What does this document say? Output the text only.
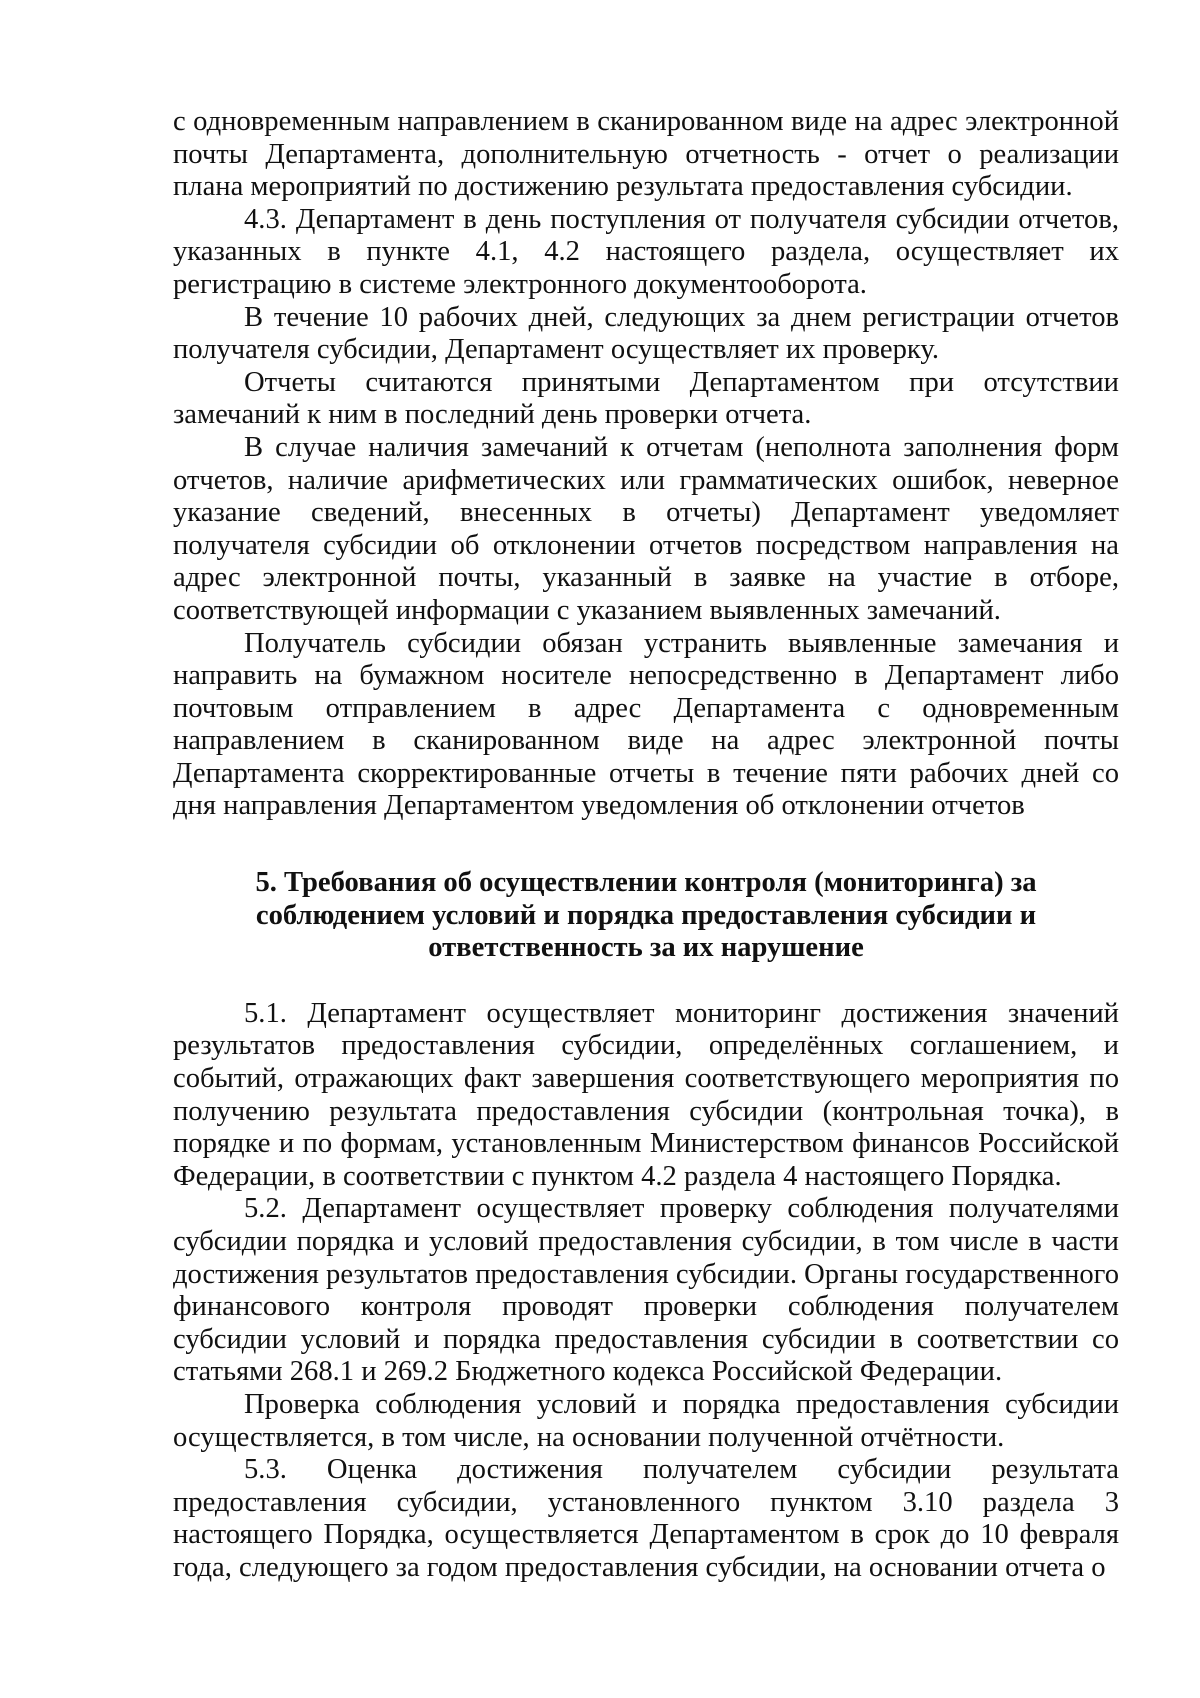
с одновременным направлением в сканированном виде на адрес электронной почты Департамента, дополнительную отчетность - отчет о реализации плана мероприятий по достижению результата предоставления субсидии.

4.3. Департамент в день поступления от получателя субсидии отчетов, указанных в пункте 4.1, 4.2 настоящего раздела, осуществляет их регистрацию в системе электронного документооборота.

В течение 10 рабочих дней, следующих за днем регистрации отчетов получателя субсидии, Департамент осуществляет их проверку.

Отчеты считаются принятыми Департаментом при отсутствии замечаний к ним в последний день проверки отчета.

В случае наличия замечаний к отчетам (неполнота заполнения форм отчетов, наличие арифметических или грамматических ошибок, неверное указание сведений, внесенных в отчеты) Департамент уведомляет получателя субсидии об отклонении отчетов посредством направления на адрес электронной почты, указанный в заявке на участие в отборе, соответствующей информации с указанием выявленных замечаний.

Получатель субсидии обязан устранить выявленные замечания и направить на бумажном носителе непосредственно в Департамент либо почтовым отправлением в адрес Департамента с одновременным направлением в сканированном виде на адрес электронной почты Департамента скорректированные отчеты в течение пяти рабочих дней со дня направления Департаментом уведомления об отклонении отчетов

5. Требования об осуществлении контроля (мониторинга) за
соблюдением условий и порядка предоставления субсидии и
ответственность за их нарушение

5.1. Департамент осуществляет мониторинг достижения значений результатов предоставления субсидии, определённых соглашением, и событий, отражающих факт завершения соответствующего мероприятия по получению результата предоставления субсидии (контрольная точка), в порядке и по формам, установленным Министерством финансов Российской Федерации, в соответствии с пунктом 4.2 раздела 4 настоящего Порядка.

5.2. Департамент осуществляет проверку соблюдения получателями субсидии порядка и условий предоставления субсидии, в том числе в части достижения результатов предоставления субсидии. Органы государственного финансового контроля проводят проверки соблюдения получателем субсидии условий и порядка предоставления субсидии в соответствии со статьями 268.1 и 269.2 Бюджетного кодекса Российской Федерации.

Проверка соблюдения условий и порядка предоставления субсидии осуществляется, в том числе, на основании полученной отчётности.

5.3. Оценка достижения получателем субсидии результата предоставления субсидии, установленного пунктом 3.10 раздела 3 настоящего Порядка, осуществляется Департаментом в срок до 10 февраля года, следующего за годом предоставления субсидии, на основании отчета о
